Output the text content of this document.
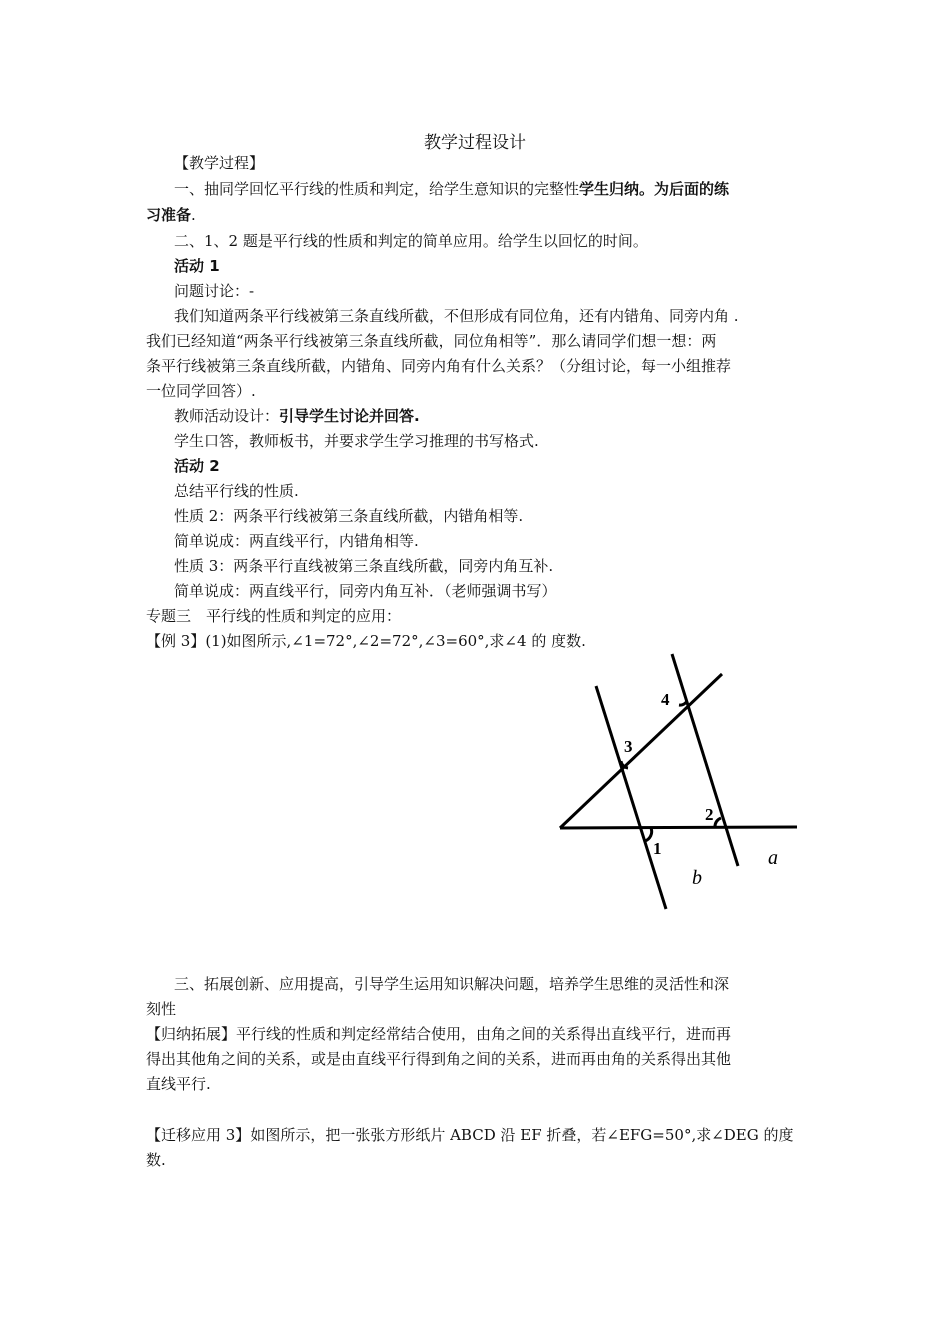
教学过程设计
【教学过程】
一、抽同学回忆平行线的性质和判定，给学生意知识的完整性学生归纳。为后面的练
习准备.
二、1、2 题是平行线的性质和判定的简单应用。给学生以回忆的时间。
活动 1
问题讨论：-
我们知道两条平行线被第三条直线所截，不但形成有同位角，还有内错角、同旁内角 .
我们已经知道“两条平行线被第三条直线所截，同位角相等”．那么请同学们想一想：两
条平行线被第三条直线所截，内错角、同旁内角有什么关系？（分组讨论，每一小组推荐
一位同学回答）.
教师活动设计：引导学生讨论并回答.
学生口答，教师板书，并要求学生学习推理的书写格式.
活动 2
总结平行线的性质.
性质 2：两条平行线被第三条直线所截，内错角相等.
简单说成：两直线平行，内错角相等.
性质 3：两条平行直线被第三条直线所截，同旁内角互补.
简单说成：两直线平行，同旁内角互补．（老师强调书写）
专题三　平行线的性质和判定的应用：
【例 3】(1)如图所示,∠1=72°,∠2=72°,∠3=60°,求∠4 的 度数.
4
3
2
1	a
b
三、拓展创新、应用提高，引导学生运用知识解决问题，培养学生思维的灵活性和深
刻性
【归纳拓展】平行线的性质和判定经常结合使用，由角之间的关系得出直线平行，进而再
得出其他角之间的关系，或是由直线平行得到角之间的关系，进而再由角的关系得出其他
直线平行.
【迁移应用 3】如图所示，把一张张方形纸片 ABCD 沿 EF 折叠，若∠EFG=50°,求∠DEG 的度
数.
